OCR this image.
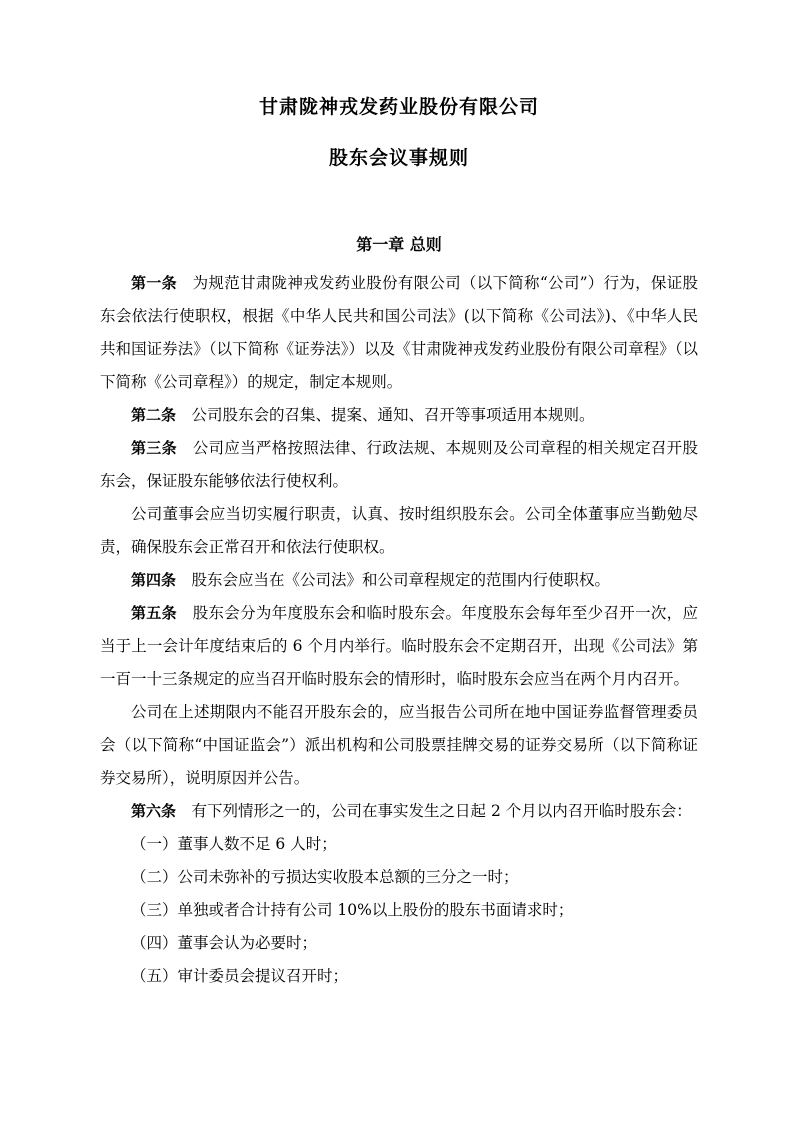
甘肃陇神戎发药业股份有限公司
股东会议事规则
第一章 总则

第一条　为规范甘肃陇神戎发药业股份有限公司（以下简称“公司”）行为，保证股东会依法行使职权，根据《中华人民共和国公司法》(以下简称《公司法》)、《中华人民共和国证券法》（以下简称《证券法》）以及《甘肃陇神戎发药业股份有限公司章程》（以下简称《公司章程》）的规定，制定本规则。

第二条　公司股东会的召集、提案、通知、召开等事项适用本规则。

第三条　公司应当严格按照法律、行政法规、本规则及公司章程的相关规定召开股东会，保证股东能够依法行使权利。

公司董事会应当切实履行职责，认真、按时组织股东会。公司全体董事应当勤勉尽责，确保股东会正常召开和依法行使职权。

第四条　股东会应当在《公司法》和公司章程规定的范围内行使职权。

第五条　股东会分为年度股东会和临时股东会。年度股东会每年至少召开一次，应当于上一会计年度结束后的 6 个月内举行。临时股东会不定期召开，出现《公司法》第一百一十三条规定的应当召开临时股东会的情形时，临时股东会应当在两个月内召开。

公司在上述期限内不能召开股东会的，应当报告公司所在地中国证券监督管理委员会（以下简称“中国证监会”）派出机构和公司股票挂牌交易的证券交易所（以下简称证券交易所），说明原因并公告。

第六条　有下列情形之一的，公司在事实发生之日起 2 个月以内召开临时股东会：

（一）董事人数不足 6 人时；

（二）公司未弥补的亏损达实收股本总额的三分之一时；

（三）单独或者合计持有公司 10%以上股份的股东书面请求时；

（四）董事会认为必要时；

（五）审计委员会提议召开时；
